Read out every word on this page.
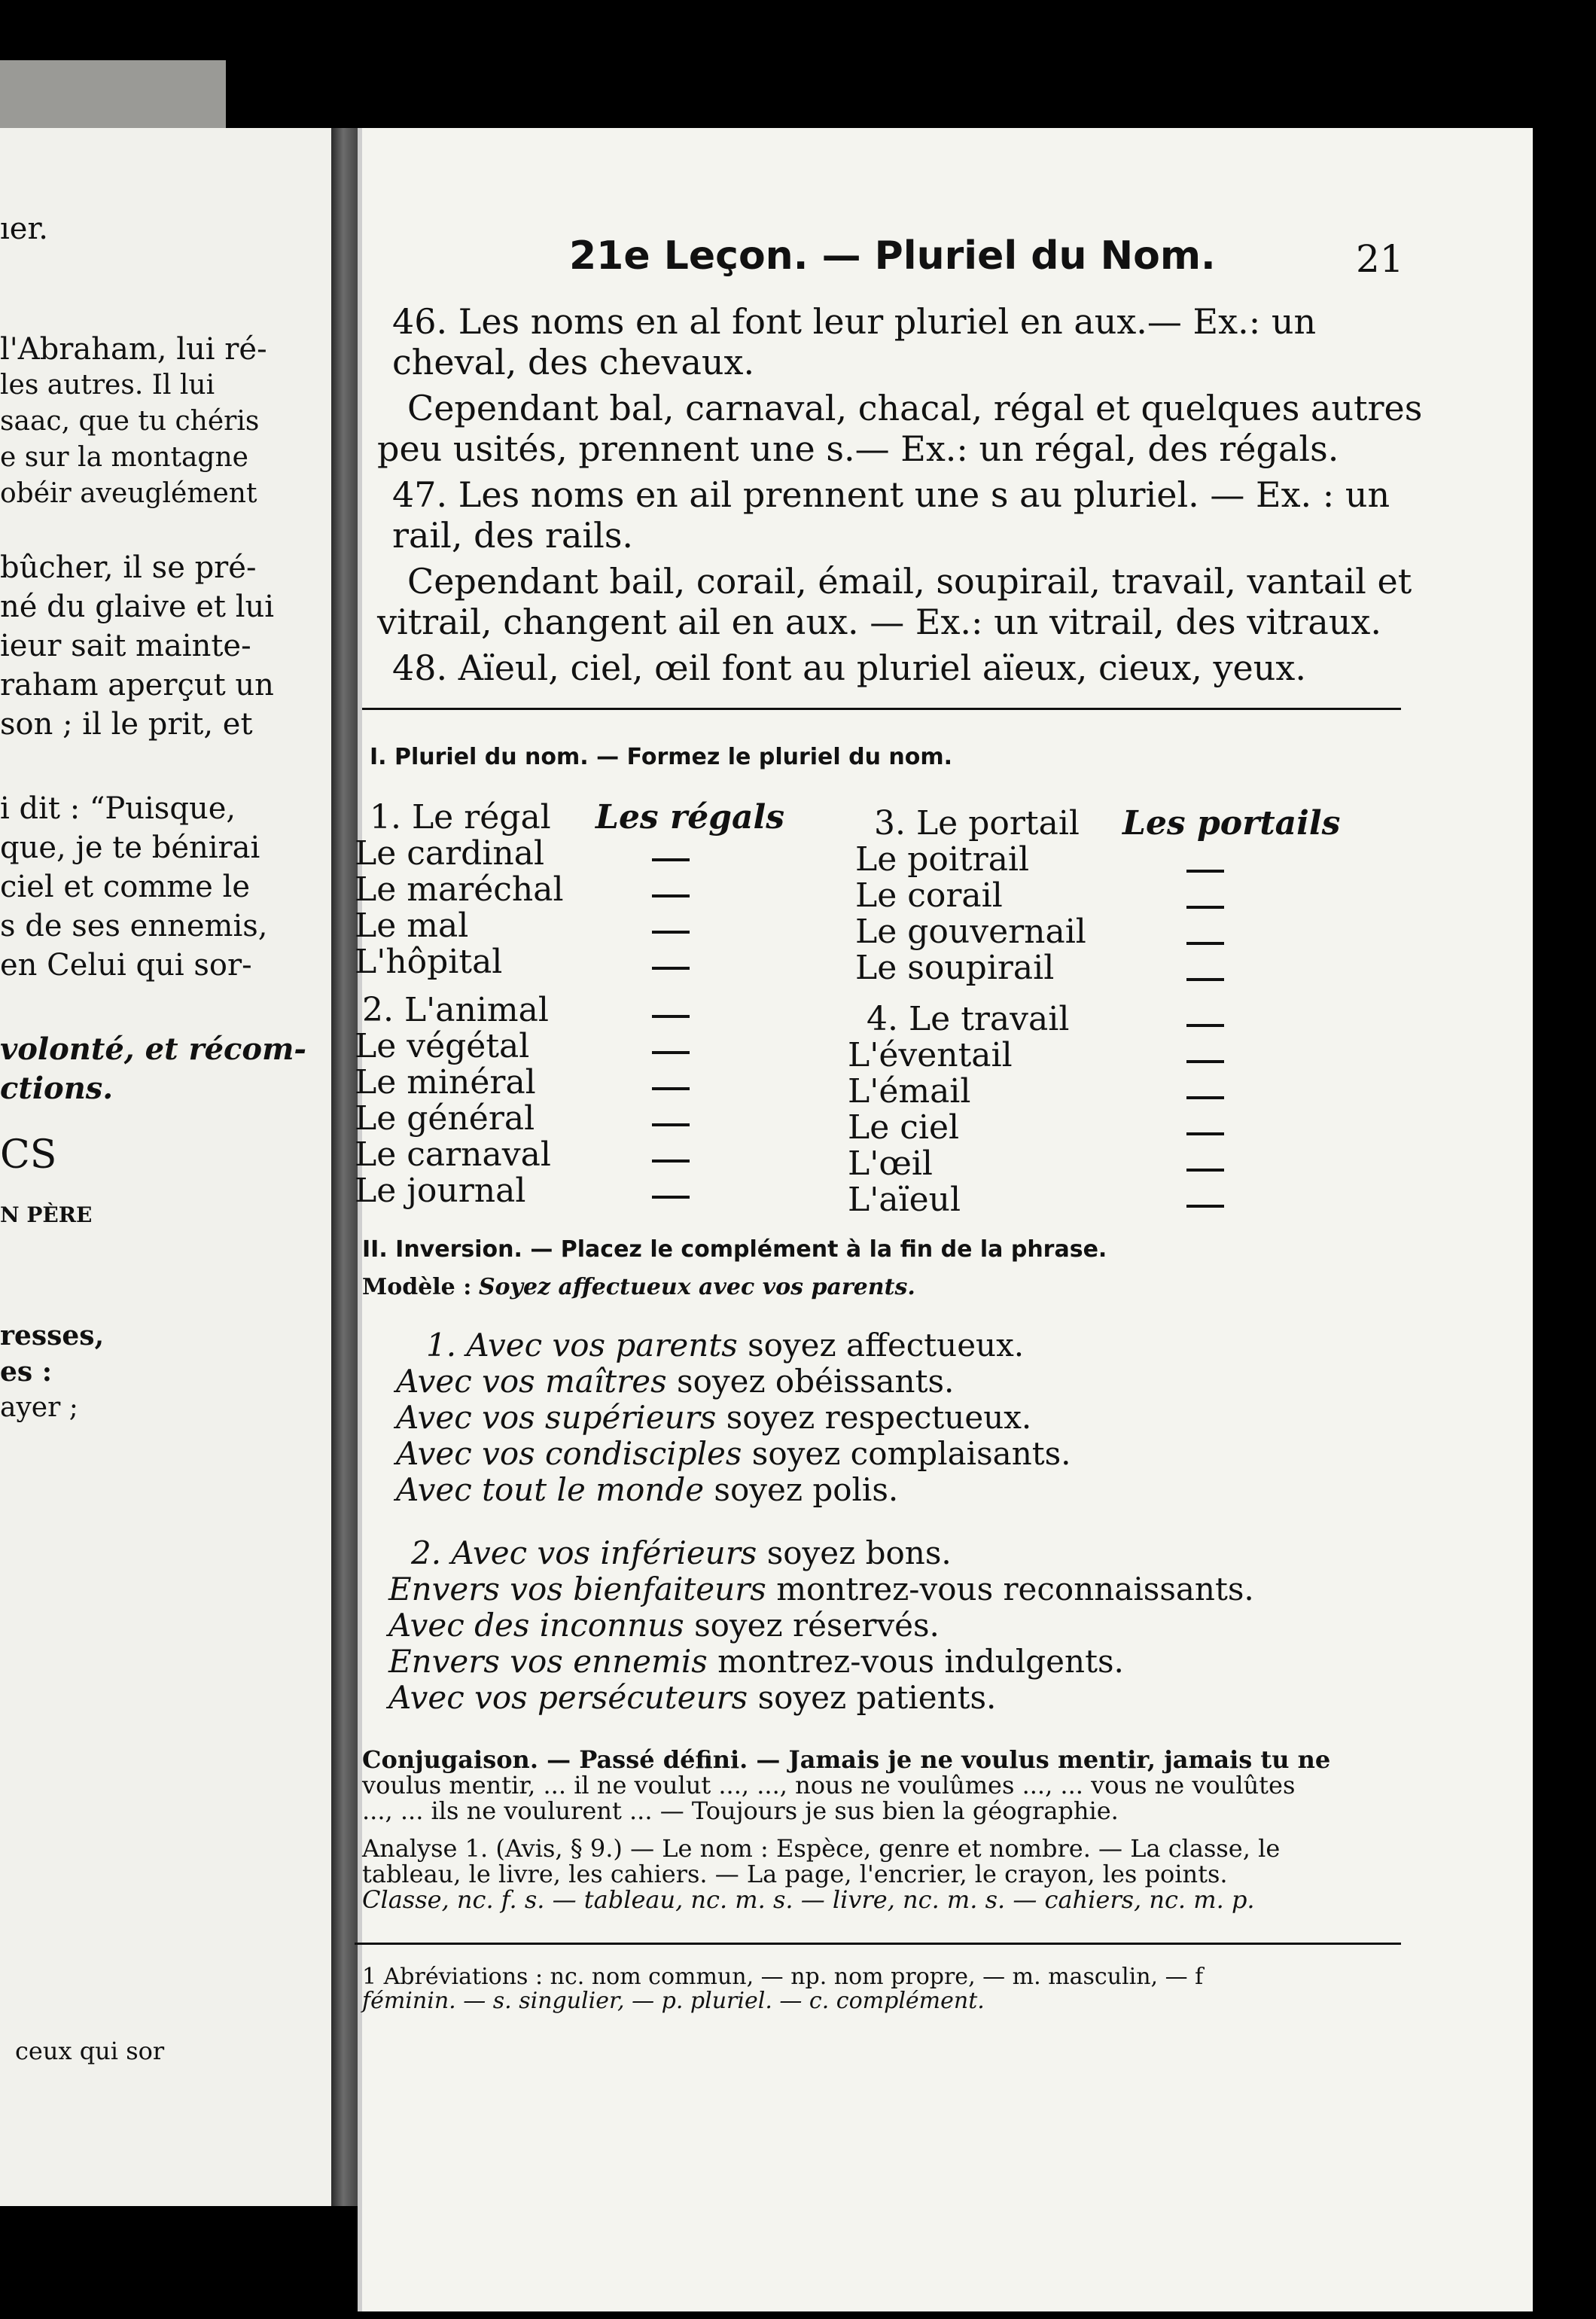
ıer.
l'Abraham, lui ré-
les autres. Il lui
saac, que tu chéris
e sur la montagne
obéir aveuglément
bûcher, il se pré-
né du glaive et lui
ieur sait mainte-
raham aperçut un
son ; il le prit, et
i dit : “Puisque,
que, je te bénirai
ciel et comme le
s de ses ennemis,
en Celui qui sor-
volonté, et récom-
ctions.
CS
N PÈRE
resses,
es :
ayer ;
ceux qui sor
21e Leçon. — Pluriel du Nom.	21
46. Les noms en al font leur pluriel en aux.— Ex.: un cheval, des chevaux.
Cependant bal, carnaval, chacal, régal et quelques autres peu usités, prennent une s.— Ex.: un régal, des régals.
47. Les noms en ail prennent une s au pluriel. — Ex. : un rail, des rails.
Cependant bail, corail, émail, soupirail, travail, vantail et vitrail, changent ail en aux. — Ex.: un vitrail, des vitraux.
48. Aïeul, ciel, œil font au pluriel aïeux, cieux, yeux.
I. Pluriel du nom. — Formez le pluriel du nom.
1. Le régal
Le cardinal
Le maréchal
Le mal
L'hôpital
2. L'animal
Le végétal
Le minéral
Le général
Le carnaval
Le journal
Les régals	3. Le portail
Le poitrail
Le corail
Le gouvernail
Le soupirail
4. Le travail
L'éventail
L'émail
Le ciel
L'œil
L'aïeul
Les portails
II. Inversion. — Placez le complément à la fin de la phrase.
Modèle : Soyez affectueux avec vos parents.
1. Avec vos parents soyez affectueux.
Avec vos maîtres soyez obéissants.
Avec vos supérieurs soyez respectueux.
Avec vos condisciples soyez complaisants.
Avec tout le monde soyez polis.
2. Avec vos inférieurs soyez bons.
Envers vos bienfaiteurs montrez-vous reconnaissants.
Avec des inconnus soyez réservés.
Envers vos ennemis montrez-vous indulgents.
Avec vos persécuteurs soyez patients.
Conjugaison. — Passé défini. — Jamais je ne voulus mentir, jamais tu ne
voulus mentir, ... il ne voulut ..., ..., nous ne voulûmes ..., ... vous ne voulûtes
..., ... ils ne voulurent ... — Toujours je sus bien la géographie.
Analyse 1. (Avis, § 9.) — Le nom : Espèce, genre et nombre. — La classe, le
tableau, le livre, les cahiers. — La page, l'encrier, le crayon, les points.
Classe, nc. f. s. — tableau, nc. m. s. — livre, nc. m. s. — cahiers, nc. m. p.
1 Abréviations : nc. nom commun, — np. nom propre, — m. masculin, — f
féminin. — s. singulier, — p. pluriel. — c. complément.
